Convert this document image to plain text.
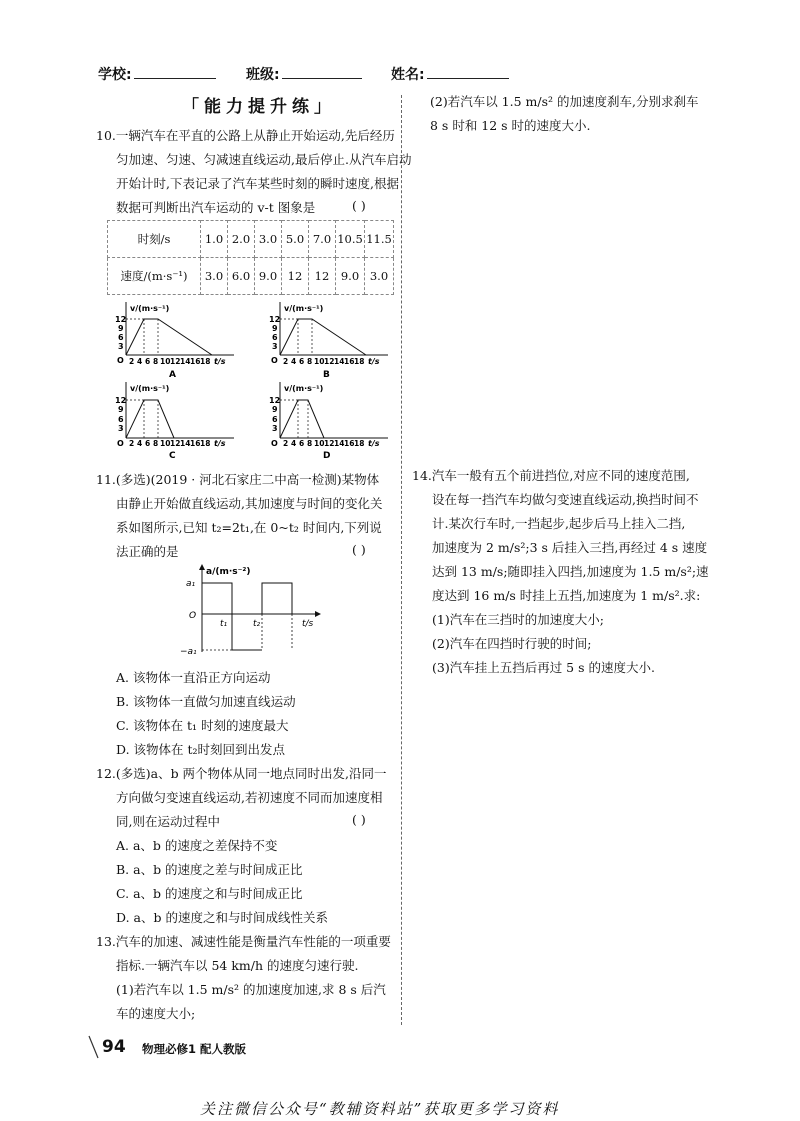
学校:	班级:	姓名:
「能力提升练」
10.一辆汽车在平直的公路上从静止开始运动,先后经历
匀加速、匀速、匀减速直线运动,最后停止.从汽车启动
开始计时,下表记录了汽车某些时刻的瞬时速度,根据
数据可判断出汽车运动的 v-t 图象是	( )
时刻/s	1.0	2.0	3.0	5.0	7.0	10.5	11.5
速度/(m·s⁻¹)	3.0	6.0	9.0	12	12	9.0	3.0
v/(m·s⁻¹)
12
9
6
3
O 2 4 6 8 10 12 14 16 18 t/s
A
v/(m·s⁻¹)
12
9
6
3
O 2 4 6 8 10 12 14 16 18 t/s
B
v/(m·s⁻¹)
12
9
6
3
O 2 4 6 8 10 12 14 16 18 t/s
C
v/(m·s⁻¹)
12
9
6
3
O 2 4 6 8 10 12 14 16 18 t/s
D
11.(多选)(2019 · 河北石家庄二中高一检测)某物体
由静止开始做直线运动,其加速度与时间的变化关
系如图所示,已知 t₂=2t₁,在 0~t₂ 时间内,下列说
法正确的是	( )
a/(m·s⁻²)
a₁
O
−a₁
t₁	t₂	t/s
A. 该物体一直沿正方向运动
B. 该物体一直做匀加速直线运动
C. 该物体在 t₁ 时刻的速度最大
D. 该物体在 t₂时刻回到出发点
12.(多选)a、b 两个物体从同一地点同时出发,沿同一
方向做匀变速直线运动,若初速度不同而加速度相
同,则在运动过程中	( )
A. a、b 的速度之差保持不变
B. a、b 的速度之差与时间成正比
C. a、b 的速度之和与时间成正比
D. a、b 的速度之和与时间成线性关系
13.汽车的加速、减速性能是衡量汽车性能的一项重要
指标.一辆汽车以 54 km/h 的速度匀速行驶.
(1)若汽车以 1.5 m/s² 的加速度加速,求 8 s 后汽
车的速度大小;
(2)若汽车以 1.5 m/s² 的加速度刹车,分别求刹车
8 s 时和 12 s 时的速度大小.
14.汽车一般有五个前进挡位,对应不同的速度范围,
设在每一挡汽车均做匀变速直线运动,换挡时间不
计.某次行车时,一挡起步,起步后马上挂入二挡,
加速度为 2 m/s²;3 s 后挂入三挡,再经过 4 s 速度
达到 13 m/s;随即挂入四挡,加速度为 1.5 m/s²;速
度达到 16 m/s 时挂上五挡,加速度为 1 m/s².求:
(1)汽车在三挡时的加速度大小;
(2)汽车在四挡时行驶的时间;
(3)汽车挂上五挡后再过 5 s 的速度大小.
94 物理必修1 配人教版
关注微信公众号“教辅资料站”获取更多学习资料
